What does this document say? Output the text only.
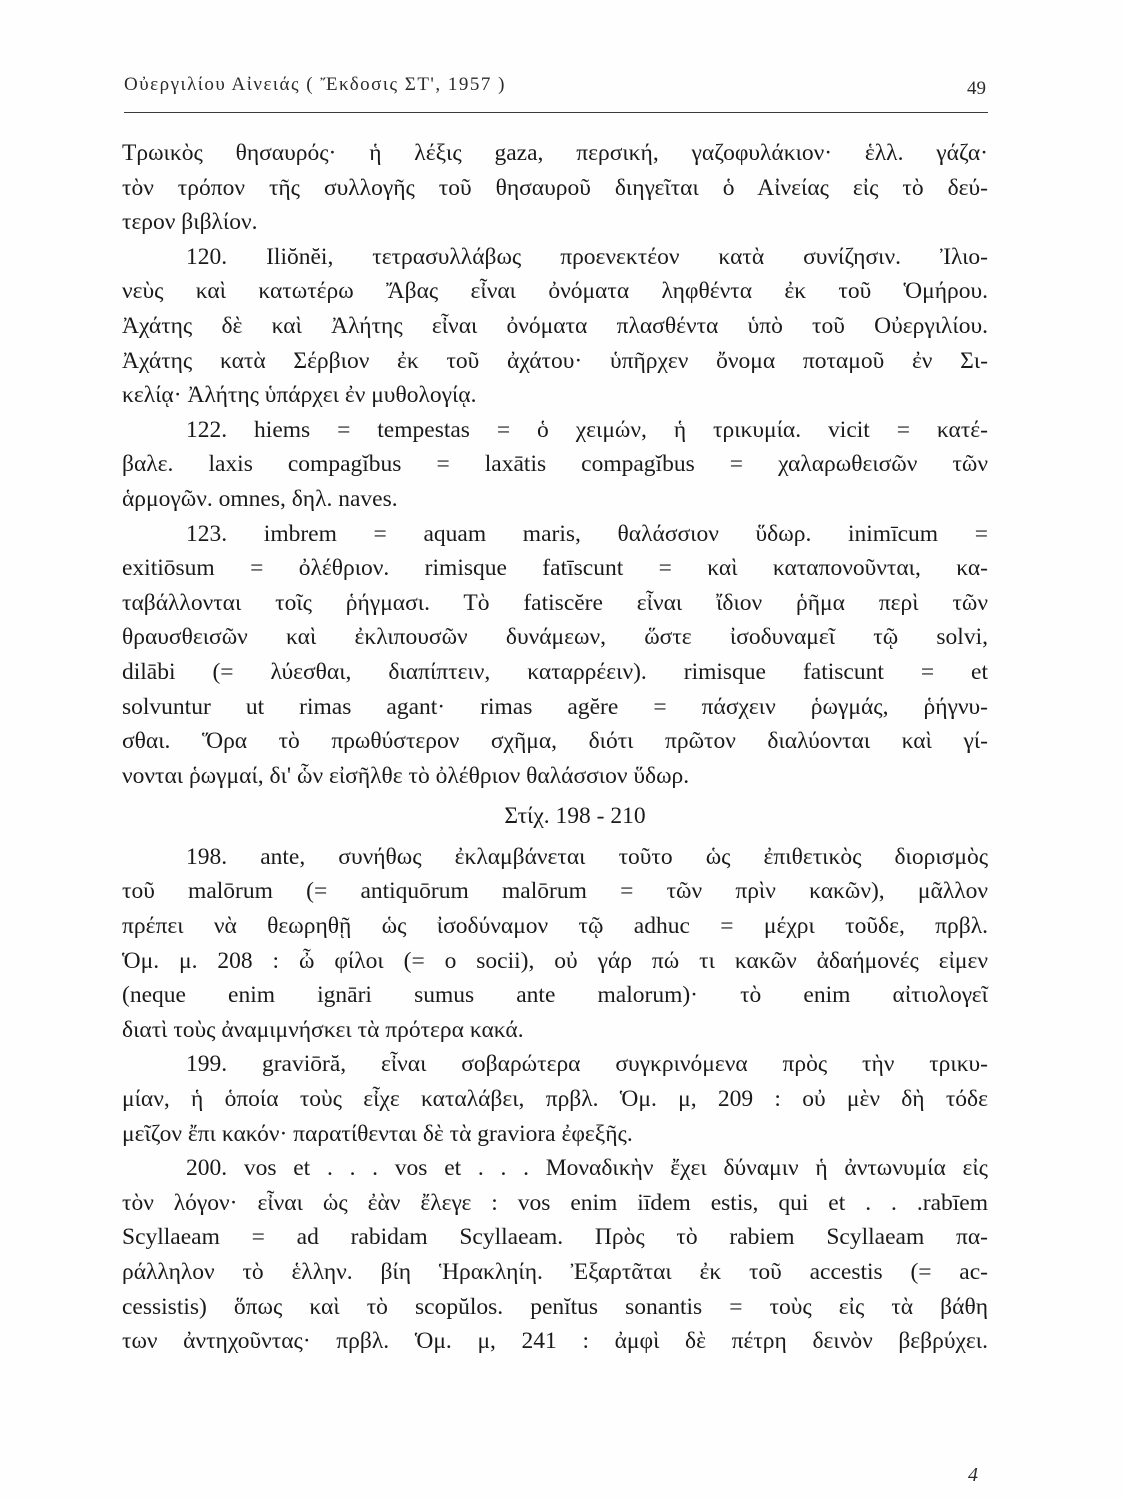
Οὐεργιλίου Αἰνειάς ( Ἔκδοσις ΣΤ', 1957 )	49
Τρωικὸς θησαυρός· ἡ λέξις gaza, περσική, γαζοφυλάκιον· ἑλλ. γάζα·
τὸν τρόπον τῆς συλλογῆς τοῦ θησαυροῦ διηγεῖται ὁ Αἰνείας εἰς τὸ δεύ-
τερον βιβλίον.
120. Iliŏnĕi, τετρασυλλάβως προενεκτέον κατὰ συνίζησιν. Ἰλιο-
νεὺς καὶ κατωτέρω Ἄβας εἶναι ὀνόματα ληφθέντα ἐκ τοῦ Ὁμήρου.
Ἀχάτης δὲ καὶ Ἀλήτης εἶναι ὀνόματα πλασθέντα ὑπὸ τοῦ Οὐεργιλίου.
Ἀχάτης κατὰ Σέρβιον ἐκ τοῦ ἀχάτου· ὑπῆρχεν ὄνομα ποταμοῦ ἐν Σι-
κελίᾳ· Ἀλήτης ὑπάρχει ἐν μυθολογίᾳ.
122. hiems = tempestas = ὁ χειμών, ἡ τρικυμία. vicit = κατέ-
βαλε. laxis compagĭbus = laxātis compagĭbus = χαλαρωθεισῶν τῶν
ἁρμογῶν. omnes, δηλ. naves.
123. imbrem = aquam maris, θαλάσσιον ὕδωρ. inimīcum =
exitiōsum = ὀλέθριον. rimisque fatīscunt = καὶ καταπονοῦνται, κα-
ταβάλλονται τοῖς ῥήγμασι. Τὸ fatiscĕre εἶναι ἴδιον ῥῆμα περὶ τῶν
θραυσθεισῶν καὶ ἐκλιπουσῶν δυνάμεων, ὥστε ἰσοδυναμεῖ τῷ solvi,
dilābi (= λύεσθαι, διαπίπτειν, καταρρέειν). rimisque fatiscunt = et
solvuntur ut rimas agant· rimas agĕre = πάσχειν ῥωγμάς, ῥήγνυ-
σθαι. Ὅρα τὸ πρωθύστερον σχῆμα, διότι πρῶτον διαλύονται καὶ γί-
νονται ῥωγμαί, δι' ὧν εἰσῆλθε τὸ ὀλέθριον θαλάσσιον ὕδωρ.
Στίχ. 198 - 210
198. ante, συνήθως ἐκλαμβάνεται τοῦτο ὡς ἐπιθετικὸς διορισμὸς
τοῦ malōrum (= antiquōrum malōrum = τῶν πρὶν κακῶν), μᾶλλον
πρέπει νὰ θεωρηθῇ ὡς ἰσοδύναμον τῷ adhuc = μέχρι τοῦδε, πρβλ.
Ὁμ. μ. 208 : ὦ φίλοι (= o socii), οὐ γάρ πώ τι κακῶν ἀδαήμονές εἰμεν
(neque enim ignāri sumus ante malorum)· τὸ enim αἰτιολογεῖ
διατὶ τοὺς ἀναμιμνήσκει τὰ πρότερα κακά.
199. graviōră, εἶναι σοβαρώτερα συγκρινόμενα πρὸς τὴν τρικυ-
μίαν, ἡ ὁποία τοὺς εἶχε καταλάβει, πρβλ. Ὁμ. μ, 209 : οὐ μὲν δὴ τόδε
μεῖζον ἔπι κακόν· παρατίθενται δὲ τὰ graviora ἐφεξῆς.
200. vos et . . . vos et . . . Μοναδικὴν ἔχει δύναμιν ἡ ἀντωνυμία εἰς
τὸν λόγον· εἶναι ὡς ἐὰν ἔλεγε : vos enim iīdem estis, qui et . . .rabīem
Scyllaeam = ad rabidam Scyllaeam. Πρὸς τὸ rabiem Scyllaeam πα-
ράλληλον τὸ ἑλλην. βίη Ἡρακληίη. Ἐξαρτᾶται ἐκ τοῦ accestis (= ac-
cessistis) ὅπως καὶ τὸ scopŭlos. penĭtus sonantis = τοὺς εἰς τὰ βάθη
των ἀντηχοῦντας· πρβλ. Ὁμ. μ, 241 : ἀμφὶ δὲ πέτρη δεινὸν βεβρύχει.
4
